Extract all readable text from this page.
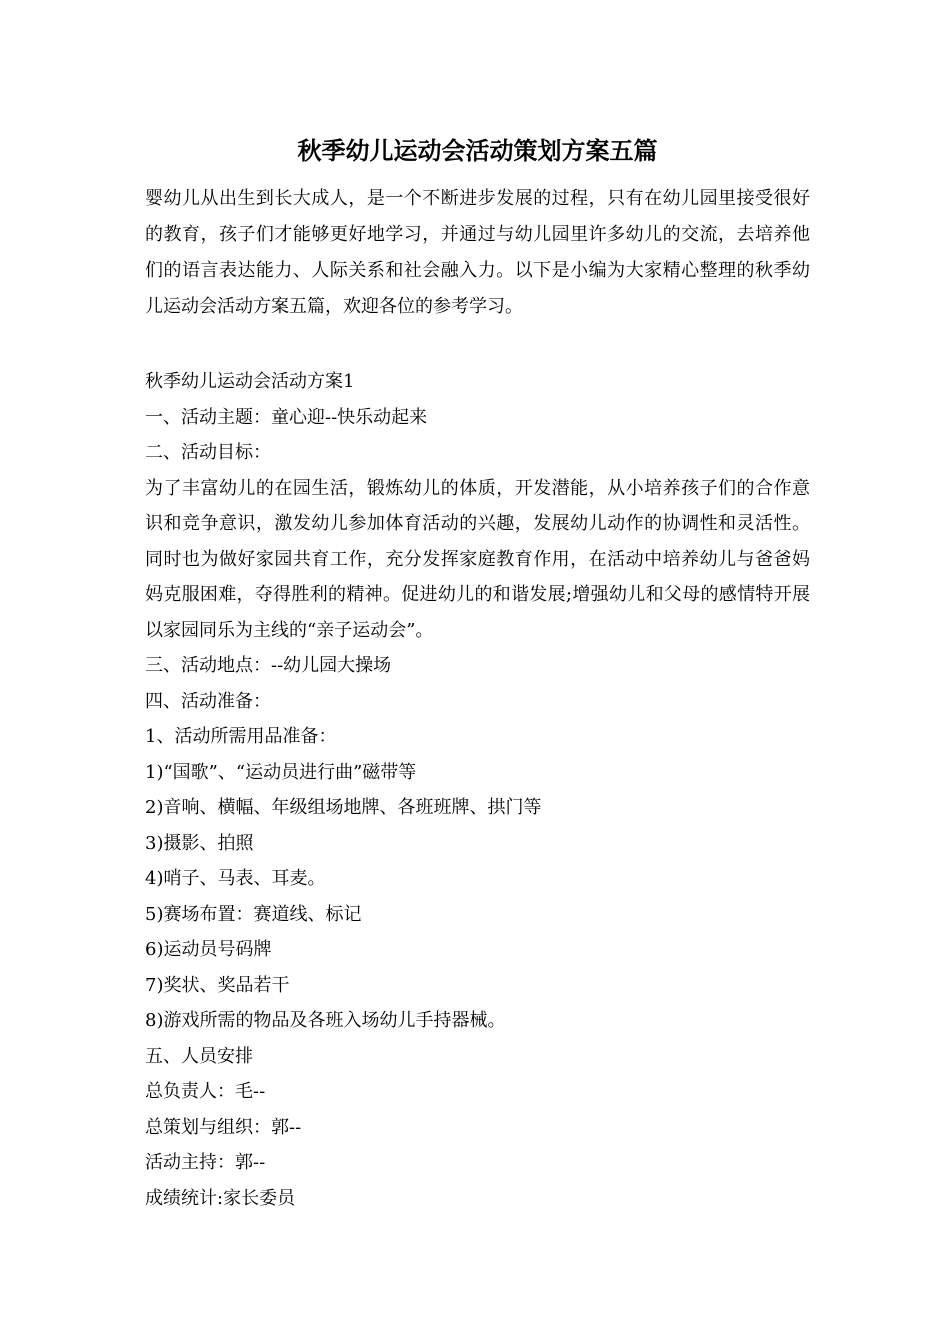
秋季幼儿运动会活动策划方案五篇

婴幼儿从出生到长大成人，是一个不断进步发展的过程，只有在幼儿园里接受很好的教育，孩子们才能够更好地学习，并通过与幼儿园里许多幼儿的交流，去培养他们的语言表达能力、人际关系和社会融入力。以下是小编为大家精心整理的秋季幼儿运动会活动方案五篇，欢迎各位的参考学习。

秋季幼儿运动会活动方案1

一、活动主题：童心迎--快乐动起来

二、活动目标：

为了丰富幼儿的在园生活，锻炼幼儿的体质，开发潜能，从小培养孩子们的合作意识和竞争意识，激发幼儿参加体育活动的兴趣，发展幼儿动作的协调性和灵活性。同时也为做好家园共育工作，充分发挥家庭教育作用，在活动中培养幼儿与爸爸妈妈克服困难，夺得胜利的精神。促进幼儿的和谐发展;增强幼儿和父母的感情特开展以家园同乐为主线的“亲子运动会”。

三、活动地点：--幼儿园大操场

四、活动准备：

1、活动所需用品准备：

1)“国歌”、“运动员进行曲”磁带等

2)音响、横幅、年级组场地牌、各班班牌、拱门等

3)摄影、拍照

4)哨子、马表、耳麦。

5)赛场布置：赛道线、标记

6)运动员号码牌

7)奖状、奖品若干

8)游戏所需的物品及各班入场幼儿手持器械。

五、人员安排

总负责人：毛--

总策划与组织：郭--

活动主持：郭--

成绩统计:家长委员
